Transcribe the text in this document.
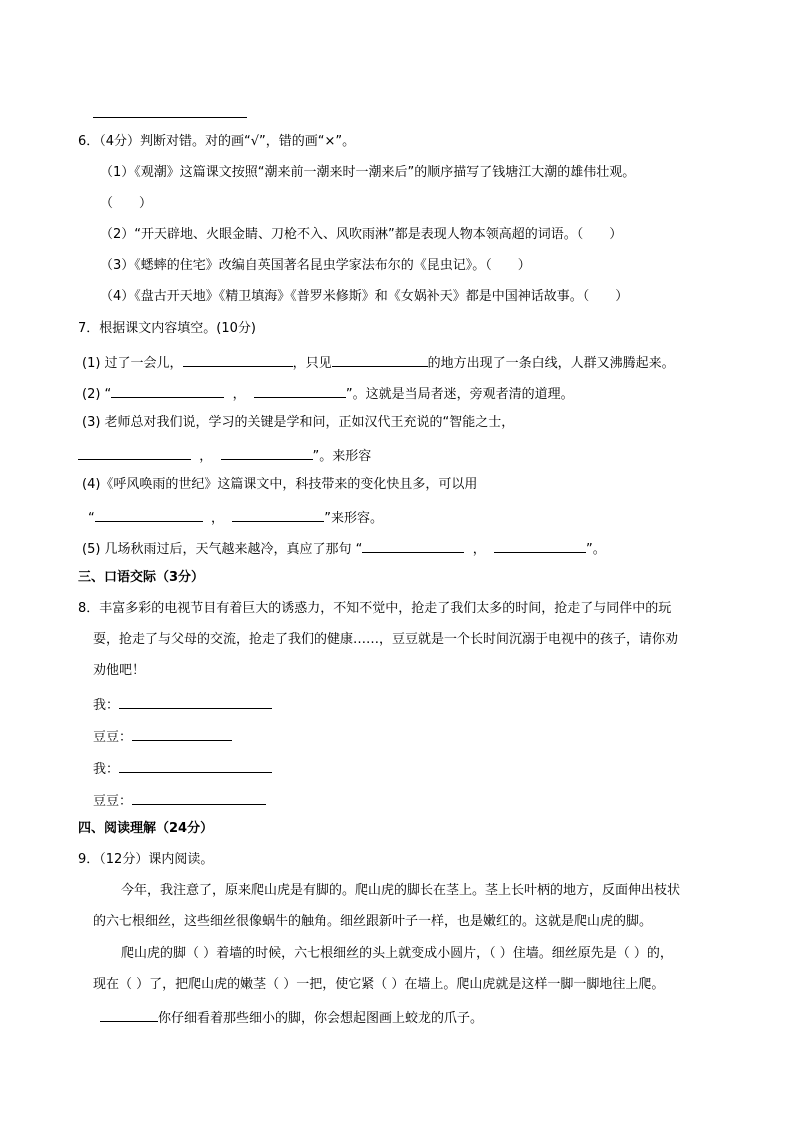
6．（4分）判断对错。对的画“√”，错的画“×”。
（1）《观潮》这篇课文按照“潮来前一潮来时一潮来后”的顺序描写了钱塘江大潮的雄伟壮观。
（　　）
（2）“开天辟地、火眼金睛、刀枪不入、风吹雨淋”都是表现人物本领高超的词语。（　　）
（3）《蟋蟀的住宅》改编自英国著名昆虫学家法布尔的《昆虫记》。（　　）
（4）《盘古开天地》《精卫填海》《普罗米修斯》和《女娲补天》都是中国神话故事。（　　）
7．根据课文内容填空。(10分)
(1) 过了一会儿，	，只见	的地方出现了一条白线，人群又沸腾起来。
(2) “	，	”。这就是当局者迷，旁观者清的道理。
(3) 老师总对我们说，学习的关键是学和问，正如汉代王充说的“智能之士，
，	”。来形容
(4)《呼风唤雨的世纪》这篇课文中，科技带来的变化快且多，可以用
“	，	”来形容。
(5) 几场秋雨过后，天气越来越冷，真应了那句 “	，	”。
三、口语交际（3分）
8．丰富多彩的电视节目有着巨大的诱惑力，不知不觉中，抢走了我们太多的时间，抢走了与同伴中的玩
耍，抢走了与父母的交流，抢走了我们的健康……，豆豆就是一个长时间沉溺于电视中的孩子，请你劝
劝他吧！
我：
豆豆：
我：
豆豆：
四、阅读理解（24分）
9．（12分）课内阅读。
今年，我注意了，原来爬山虎是有脚的。爬山虎的脚长在茎上。茎上长叶柄的地方，反面伸出枝状
的六七根细丝，这些细丝很像蜗牛的触角。细丝跟新叶子一样，也是嫩红的。这就是爬山虎的脚。
爬山虎的脚（ ）着墙的时候，六七根细丝的头上就变成小圆片，（ ）住墙。细丝原先是（ ）的，
现在（ ）了，把爬山虎的嫩茎（ ）一把，使它紧（ ）在墙上。爬山虎就是这样一脚一脚地往上爬。
你仔细看着那些细小的脚，你会想起图画上蛟龙的爪子。
